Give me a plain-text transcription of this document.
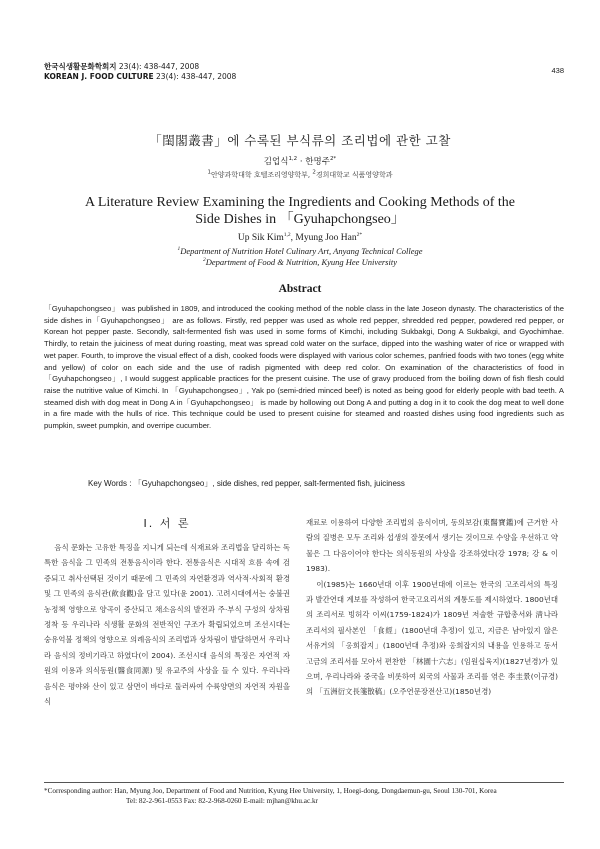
한국식생활문화학회지 23(4): 438-447, 2008
KOREAN J. FOOD CULTURE 23(4): 438-447, 2008
438
「閨閣叢書」에 수록된 부식류의 조리법에 관한 고찰
김업식$^{1,2}$ · 한명주$^{2*}$
$^1$안양과학대학 호텔조리영양학부, $^2$경희대학교 식품영양학과
A Literature Review Examining the Ingredients and Cooking Methods of the
Side Dishes in 「Gyuhapchongseo」
Up Sik Kim$^{1,2}$, Myung Joo Han$^{2*}$
$^1$Department of Nutrition Hotel Culinary Art, Anyang Technical College
$^2$Department of Food & Nutrition, Kyung Hee University
Abstract
「Gyuhapchongseo」 was published in 1809, and introduced the cooking method of the noble class in the late Joseon dynasty. The characteristics of the side dishes in「Gyuhapchongseo」 are as follows. Firstly, red pepper was used as whole red pepper, shredded red pepper, powdered red pepper, or Korean hot pepper paste. Secondly, salt-fermented fish was used in some forms of Kimchi, including Sukbakgi, Dong A Sukbakgi, and Gyochimhae. Thirdly, to retain the juiciness of meat during roasting, meat was spread cold water on the surface, dipped into the washing water of rice or wrapped with wet paper. Fourth, to improve the visual effect of a dish, cooked foods were displayed with various color schemes, panfried foods with two tones (egg white and yellow) of color on each side and the use of radish pigmented with deep red color. On examination of the characteristics of food in 「Gyuhapchongseo」, I would suggest applicable practices for the present cuisine. The use of gravy produced from the boiling down of fish flesh could raise the nutritive value of Kimchi. In 「Gyuhapchongseo」, Yak po (semi-dried minced beef) is noted as being good for elderly people with bad teeth. A steamed dish with dog meat in Dong A in「Gyuhapchongseo」 is made by hollowing out Dong A and putting a dog in it to cook the dog meat to well done in a fire made with the hulls of rice. This technique could be used to present cuisine for steamed and roasted dishes using food ingredients such as pumpkin, sweet pumpkin, and overripe cucumber.
Key Words : 「Gyuhapchongseo」, side dishes, red pepper, salt-fermented fish, juiciness
I. 서 론

음식 문화는 고유한 특징을 지니게 되는데 식재료와 조리법을 달리하는 독특한 음식을 그 민족의 전통음식이라 한다. 전통음식은 시대적 흐름 속에 검증되고 취사선택된 것이기 때문에 그 민족의 자연환경과 역사적·사회적 환경 및 그 민족의 음식관(飮食觀)을 담고 있다(윤 2001). 고려시대에서는 숭불권농정책 영향으로 양곡이 증산되고 채소음식의 발전과 주·부식 구성의 상차림 정착 등 우리나라 식생활 문화의 전반적인 구조가 확립되었으며 조선시대는 숭유억불 정책의 영향으로 의례음식의 조리법과 상차림이 발달하면서 우리나라 음식의 정비기라고 하였다(이 2004). 조선시대 음식의 특징은 자연적 자원의 이용과 의식동원(醫食同源) 및 유교주의 사상을 들 수 있다. 우리나라 음식은 평야와 산이 있고 삼면이 바다로 둘러싸여 수륙양면의 자연적 자원을 식

재료로 이용하여 다양한 조리법의 음식이며, 동의보감(東醫寶鑑)에 근거한 사람의 질병은 모두 조리와 섭생의 잘못에서 생기는 것이므로 수양을 우선하고 약물은 그 다음이어야 한다는 의식동원의 사상을 강조하였다(강 1978; 강 & 이 1983).

이(1985)는 1660년대 이후 1900년대에 이르는 한국의 고조리서의 특징과 발간연대 계보를 작성하여 한국고요리서의 계통도를 제시하였다. 1800년대의 조리서로 빙허각 이씨(1759-1824)가 1809년 저술한 규합총서와 淸나라 조리서의 필사본인 「食經」(1800년대 추정)이 있고, 지금은 남아있지 않은 서유거의 「옹희잡지」(1800년대 추정)와 옹희잡지의 내용을 인용하고 동서고금의 조리서를 모아서 편찬한 「林園十六志」(임원십육지)(1827년경)가 있으며, 우리나라와 중국을 비롯하여 외국의 사물과 조리를 엮은 李圭景(이규경)의 「五洲衍文長箋散稿」(오주연문장전산고)(1850년경)

*Corresponding author: Han, Myung Joo, Department of Food and Nutrition, Kyung Hee University, 1, Hoegi-dong, Dongdaemun-gu, Seoul 130-701, Korea
Tel: 82-2-961-0553 Fax: 82-2-968-0260 E-mail: mjhan@khu.ac.kr
